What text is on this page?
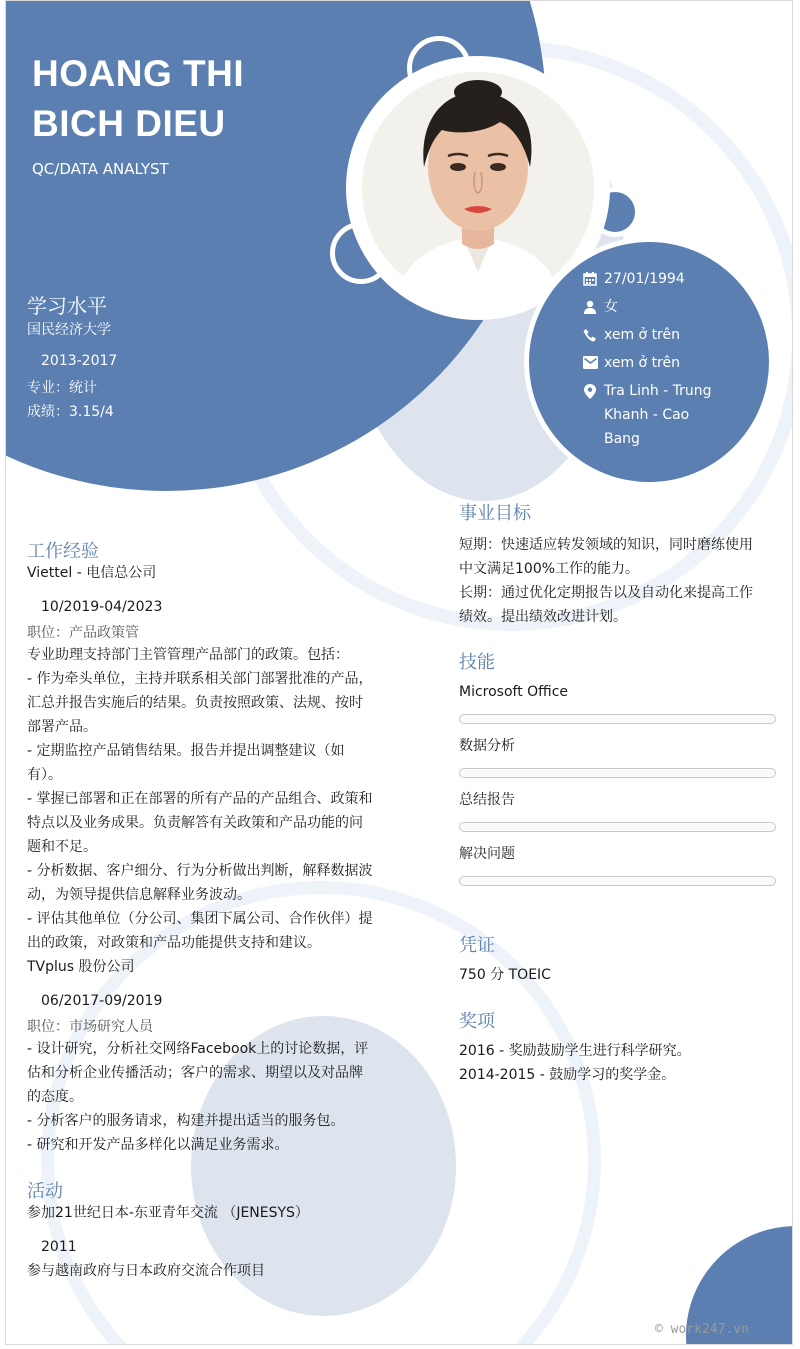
HOANG THI
BICH DIEU
QC/DATA ANALYST
学习水平
国民经济大学
2013-2017
专业：统计
成绩：3.15/4
27/01/1994
女
xem ở trên
xem ở trên
Tra Linh - Trung
Khanh - Cao
Bang
工作经验
Viettel - 电信总公司
10/2019-04/2023
职位：产品政策管
专业助理支持部门主管管理产品部门的政策。包括：
- 作为牵头单位，主持并联系相关部门部署批准的产品，
汇总并报告实施后的结果。负责按照政策、法规、按时
部署产品。
- 定期监控产品销售结果。报告并提出调整建议（如
有）。
- 掌握已部署和正在部署的所有产品的产品组合、政策和
特点以及业务成果。负责解答有关政策和产品功能的问
题和不足。
- 分析数据、客户细分、行为分析做出判断，解释数据波
动，为领导提供信息解释业务波动。
- 评估其他单位（分公司、集团下属公司、合作伙伴）提
出的政策，对政策和产品功能提供支持和建议。
TVplus 股份公司
06/2017-09/2019
职位：市场研究人员
- 设计研究，分析社交网络Facebook上的讨论数据，评
估和分析企业传播活动；客户的需求、期望以及对品牌
的态度。
- 分析客户的服务请求，构建并提出适当的服务包。
- 研究和开发产品多样化以满足业务需求。
活动
参加21世纪日本-东亚青年交流 （JENESYS）
2011
参与越南政府与日本政府交流合作项目
事业目标
短期：快速适应转发领域的知识，同时磨练使用
中文满足100%工作的能力。
长期：通过优化定期报告以及自动化来提高工作
绩效。提出绩效改进计划。
技能
Microsoft Office
数据分析
总结报告
解决问题
凭证
750 分 TOEIC
奖项
2016 - 奖励鼓励学生进行科学研究。
2014-2015 - 鼓励学习的奖学金。
© work247.vn
